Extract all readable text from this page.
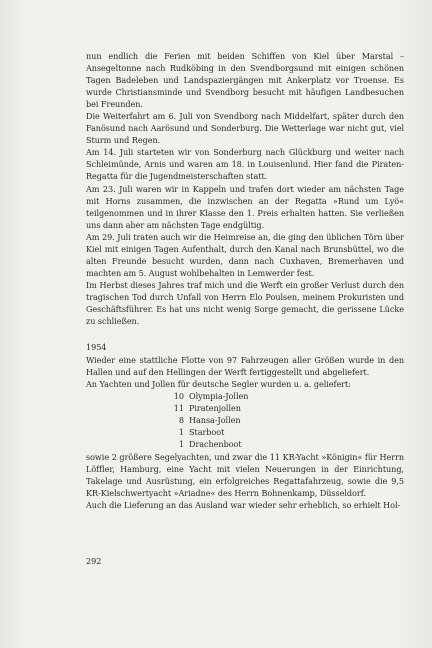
nun endlich die Ferien mit beiden Schiffen von Kiel über Marstal – Ansegeltonne nach Rudköbing in den Svendborgsund mit einigen schönen Tagen Badeleben und Landspaziergängen mit Ankerplatz vor Troense. Es wurde Christiansminde und Svendborg besucht mit häufigen Landbesuchen bei Freunden.

Die Weiterfahrt am 6. Juli von Svendborg nach Middelfart, später durch den Fanösund nach Aarösund und Sonderburg. Die Wetterlage war nicht gut, viel Sturm und Regen.

Am 14. Juli starteten wir von Sonderburg nach Glückburg und weiter nach Schleimünde, Arnis und waren am 18. in Louisenlund. Hier fand die Piraten-Regatta für die Jugendmeisterschaften statt.

Am 23. Juli waren wir in Kappeln und trafen dort wieder am nächsten Tage mit Horns zusammen, die inzwischen an der Regatta »Rund um Lyö« teilgenommen und in ihrer Klasse den 1. Preis erhalten hatten. Sie verließen uns dann aber am nächsten Tage endgültig.

Am 29. Juli traten auch wir die Heimreise an, die ging den üblichen Törn über Kiel mit einigen Tagen Aufenthalt, durch den Kanal nach Brunsbüttel, wo die alten Freunde besucht wurden, dann nach Cuxhaven, Bremerhaven und machten am 5. August wohlbehalten in Lemwerder fest.

Im Herbst dieses Jahres traf mich und die Werft ein großer Verlust durch den tragischen Tod durch Unfall von Herrn Elo Poulsen, meinem Prokuristen und Geschäftsführer. Es hat uns nicht wenig Sorge gemacht, die gerissene Lücke zu schließen.

1954

Wieder eine stattliche Flotte von 97 Fahrzeugen aller Größen wurde in den Hallen und auf den Hellingen der Werft fertiggestellt und abgeliefert.

An Yachten und Jollen für deutsche Segler wurden u. a. geliefert:

10 Olympia-Jollen
11 Piratenjollen
8 Hansa-Jollen
1 Starboot
1 Drachenboot

sowie 2 größere Segelyachten, und zwar die 11 KR-Yacht »Königin« für Herrn Löffler, Hamburg, eine Yacht mit vielen Neuerungen in der Einrichtung, Takelage und Ausrüstung, ein erfolgreiches Regattafahrzeug, sowie die 9,5 KR-Kielschwertyacht »Ariadne« des Herrn Bohnenkamp, Düsseldorf.

Auch die Lieferung an das Ausland war wieder sehr erheblich, so erhielt Hol-

292
